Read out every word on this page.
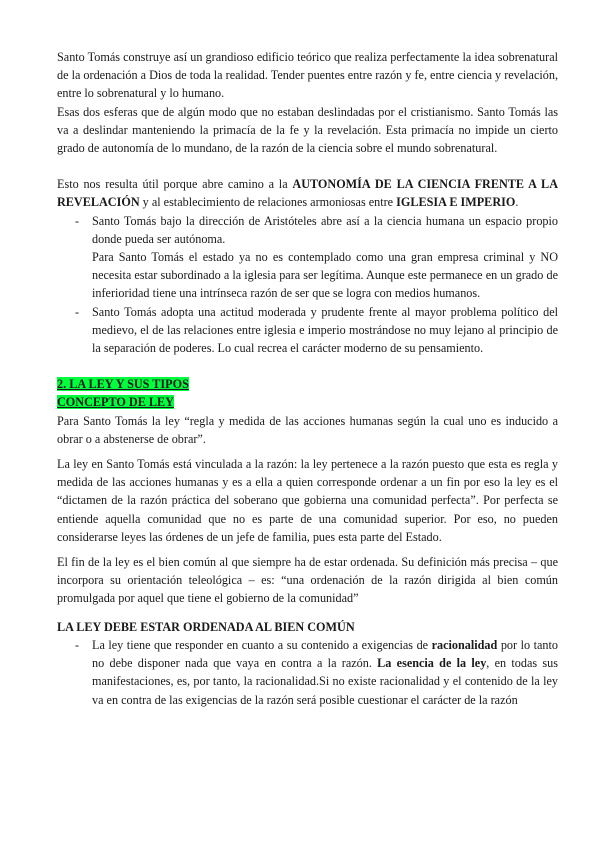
Santo Tomás construye así un grandioso edificio teórico que realiza perfectamente la idea sobrenatural de la ordenación a Dios de toda la realidad. Tender puentes entre razón y fe, entre ciencia y revelación, entre lo sobrenatural y lo humano.

Esas dos esferas que de algún modo que no estaban deslindadas por el cristianismo. Santo Tomás las va a deslindar manteniendo la primacía de la fe y la revelación. Esta primacía no impide un cierto grado de autonomía de lo mundano, de la razón de la ciencia sobre el mundo sobrenatural.

Esto nos resulta útil porque abre camino a la AUTONOMÍA DE LA CIENCIA FRENTE A LA REVELACIÓN y al establecimiento de relaciones armoniosas entre IGLESIA E IMPERIO.

- Santo Tomás bajo la dirección de Aristóteles abre así a la ciencia humana un espacio propio donde pueda ser autónoma.

Para Santo Tomás el estado ya no es contemplado como una gran empresa criminal y NO necesita estar subordinado a la iglesia para ser legítima. Aunque este permanece en un grado de inferioridad tiene una intrínseca razón de ser que se logra con medios humanos.

- Santo Tomás adopta una actitud moderada y prudente frente al mayor problema político del medievo, el de las relaciones entre iglesia e imperio mostrándose no muy lejano al principio de la separación de poderes. Lo cual recrea el carácter moderno de su pensamiento.

2. LA LEY Y SUS TIPOS

CONCEPTO DE LEY

Para Santo Tomás la ley “regla y medida de las acciones humanas según la cual uno es inducido a obrar o a abstenerse de obrar”.

La ley en Santo Tomás está vinculada a la razón: la ley pertenece a la razón puesto que esta es regla y medida de las acciones humanas y es a ella a quien corresponde ordenar a un fin por eso la ley es el “dictamen de la razón práctica del soberano que gobierna una comunidad perfecta”. Por perfecta se entiende aquella comunidad que no es parte de una comunidad superior. Por eso, no pueden considerarse leyes las órdenes de un jefe de familia, pues esta parte del Estado.

El fin de la ley es el bien común al que siempre ha de estar ordenada. Su definición más precisa – que incorpora su orientación teleológica – es: “una ordenación de la razón dirigida al bien común promulgada por aquel que tiene el gobierno de la comunidad”

LA LEY DEBE ESTAR ORDENADA AL BIEN COMÚN

- La ley tiene que responder en cuanto a su contenido a exigencias de racionalidad por lo tanto no debe disponer nada que vaya en contra a la razón. La esencia de la ley, en todas sus manifestaciones, es, por tanto, la racionalidad.Si no existe racionalidad y el contenido de la ley va en contra de las exigencias de la razón será posible cuestionar el carácter de la razón
